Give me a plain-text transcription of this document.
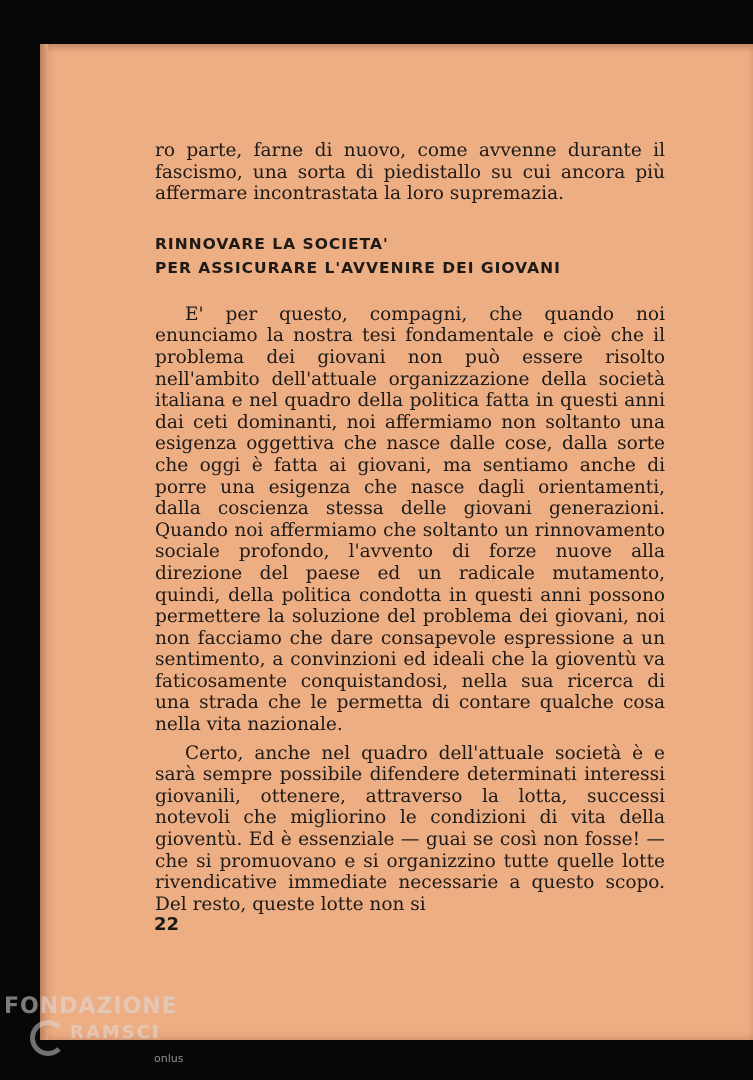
ro parte, farne di nuovo, come avvenne durante il fascismo, una sorta di piedistallo su cui ancora più affermare incontrastata la loro supremazia.

RINNOVARE LA SOCIETA'
PER ASSICURARE L'AVVENIRE DEI GIOVANI

E' per questo, compagni, che quando noi enunciamo la nostra tesi fondamentale e cioè che il problema dei giovani non può essere risolto nell'ambito dell'attuale organizzazione della società italiana e nel quadro della politica fatta in questi anni dai ceti dominanti, noi affermiamo non soltanto una esigenza oggettiva che nasce dalle cose, dalla sorte che oggi è fatta ai giovani, ma sentiamo anche di porre una esigenza che nasce dagli orientamenti, dalla coscienza stessa delle giovani generazioni. Quando noi affermiamo che soltanto un rinnovamento sociale profondo, l'avvento di forze nuove alla direzione del paese ed un radicale mutamento, quindi, della politica condotta in questi anni possono permettere la soluzione del problema dei giovani, noi non facciamo che dare consapevole espressione a un sentimento, a convinzioni ed ideali che la gioventù va faticosamente conquistandosi, nella sua ricerca di una strada che le permetta di contare qualche cosa nella vita nazionale.

Certo, anche nel quadro dell'attuale società è e sarà sempre possibile difendere determinati interessi giovanili, ottenere, attraverso la lotta, successi notevoli che migliorino le condizioni di vita della gioventù. Ed è essenziale — guai se così non fosse! — che si promuovano e si organizzino tutte quelle lotte rivendicative immediate necessarie a questo scopo. Del resto, queste lotte non si

22
FONDAZIONE
RAMSCI
onlus
